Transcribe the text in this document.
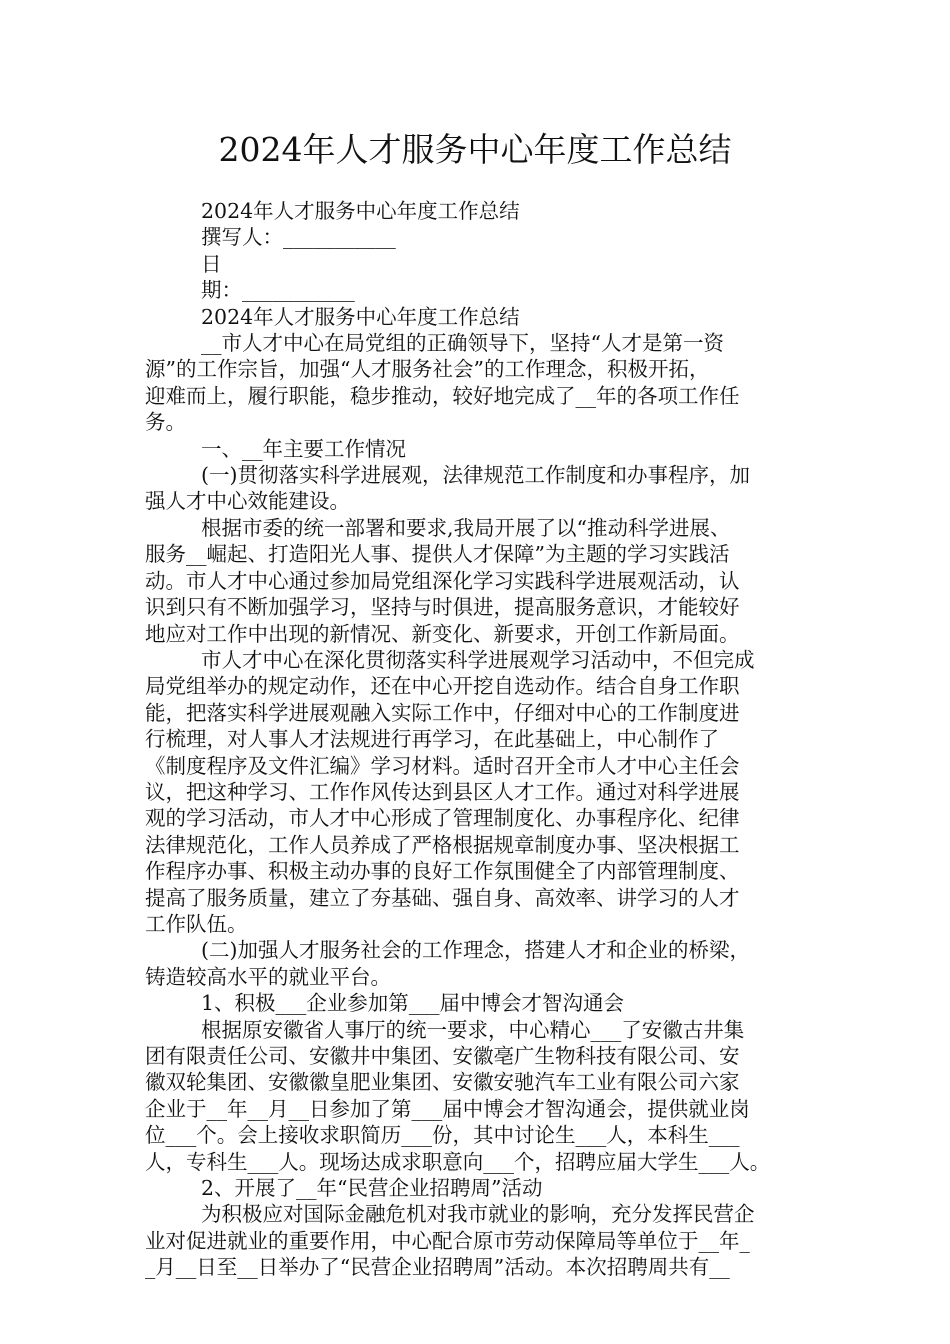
2024年人才服务中心年度工作总结
2024年人才服务中心年度工作总结
撰写人：___________
日
期：___________
2024年人才服务中心年度工作总结
__市人才中心在局党组的正确领导下，坚持“人才是第一资
源”的工作宗旨，加强“人才服务社会”的工作理念，积极开拓，
迎难而上，履行职能，稳步推动，较好地完成了__年的各项工作任
务。
一、__年主要工作情况
(一)贯彻落实科学进展观，法律规范工作制度和办事程序，加
强人才中心效能建设。
根据市委的统一部署和要求,我局开展了以“推动科学进展、
服务__崛起、打造阳光人事、提供人才保障”为主题的学习实践活
动。市人才中心通过参加局党组深化学习实践科学进展观活动，认
识到只有不断加强学习，坚持与时俱进，提高服务意识，才能较好
地应对工作中出现的新情况、新变化、新要求，开创工作新局面。
市人才中心在深化贯彻落实科学进展观学习活动中，不但完成
局党组举办的规定动作，还在中心开挖自选动作。结合自身工作职
能，把落实科学进展观融入实际工作中，仔细对中心的工作制度进
行梳理，对人事人才法规进行再学习，在此基础上，中心制作了
《制度程序及文件汇编》学习材料。适时召开全市人才中心主任会
议，把这种学习、工作作风传达到县区人才工作。通过对科学进展
观的学习活动，市人才中心形成了管理制度化、办事程序化、纪律
法律规范化，工作人员养成了严格根据规章制度办事、坚决根据工
作程序办事、积极主动办事的良好工作氛围健全了内部管理制度、
提高了服务质量，建立了夯基础、强自身、高效率、讲学习的人才
工作队伍。
(二)加强人才服务社会的工作理念，搭建人才和企业的桥梁，
铸造较高水平的就业平台。
1、积极___企业参加第___届中博会才智沟通会
根据原安徽省人事厅的统一要求，中心精心___了安徽古井集
团有限责任公司、安徽井中集团、安徽亳广生物科技有限公司、安
徽双轮集团、安徽徽皇肥业集团、安徽安驰汽车工业有限公司六家
企业于__年__月__日参加了第___届中博会才智沟通会，提供就业岗
位___个。会上接收求职简历___份，其中讨论生___人，本科生___
人，专科生___人。现场达成求职意向___个，招聘应届大学生___人。
2、开展了__年“民营企业招聘周”活动
为积极应对国际金融危机对我市就业的影响，充分发挥民营企
业对促进就业的重要作用，中心配合原市劳动保障局等单位于__年_
_月__日至__日举办了“民营企业招聘周”活动。本次招聘周共有__
